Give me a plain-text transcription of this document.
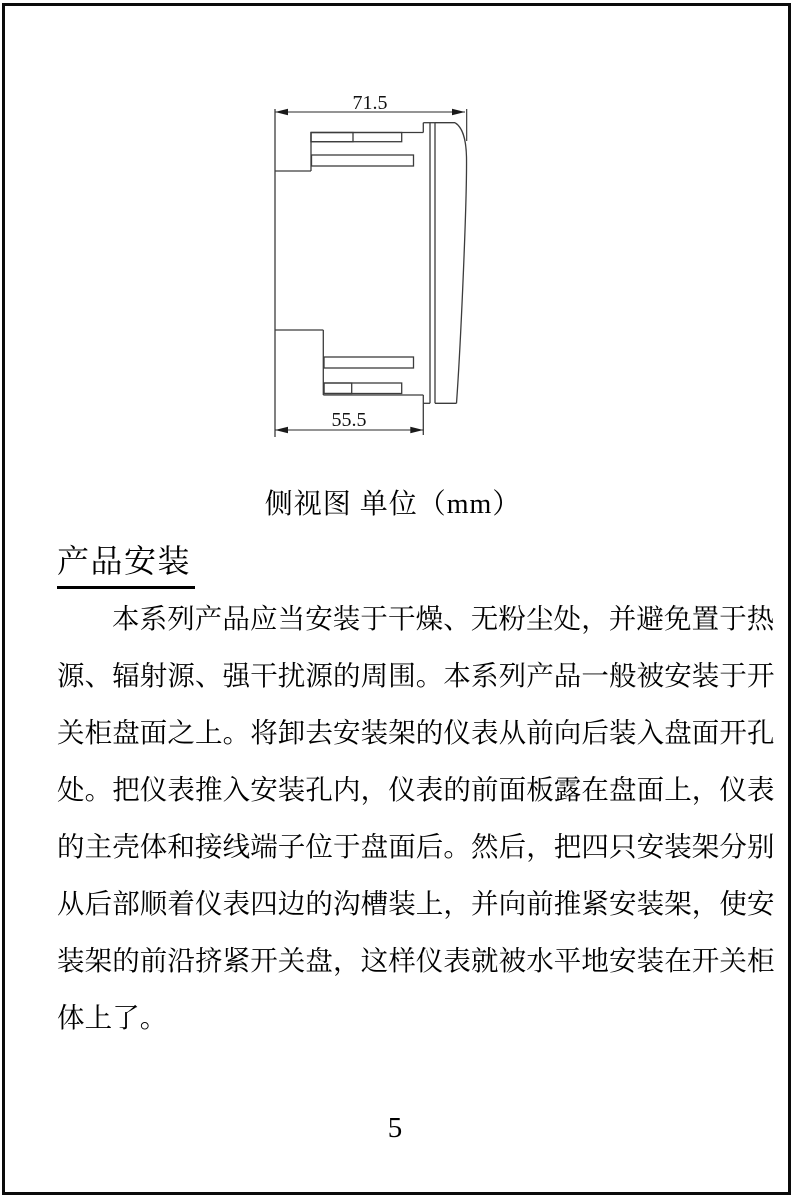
71.5
55.5
侧视图 单位（mm）
产品安装
本系列产品应当安装于干燥、无粉尘处，并避免置于热
源、辐射源、强干扰源的周围。本系列产品一般被安装于开
关柜盘面之上。将卸去安装架的仪表从前向后装入盘面开孔
处。把仪表推入安装孔内，仪表的前面板露在盘面上，仪表
的主壳体和接线端子位于盘面后。然后，把四只安装架分别
从后部顺着仪表四边的沟槽装上，并向前推紧安装架，使安
装架的前沿挤紧开关盘，这样仪表就被水平地安装在开关柜
体上了。
5
